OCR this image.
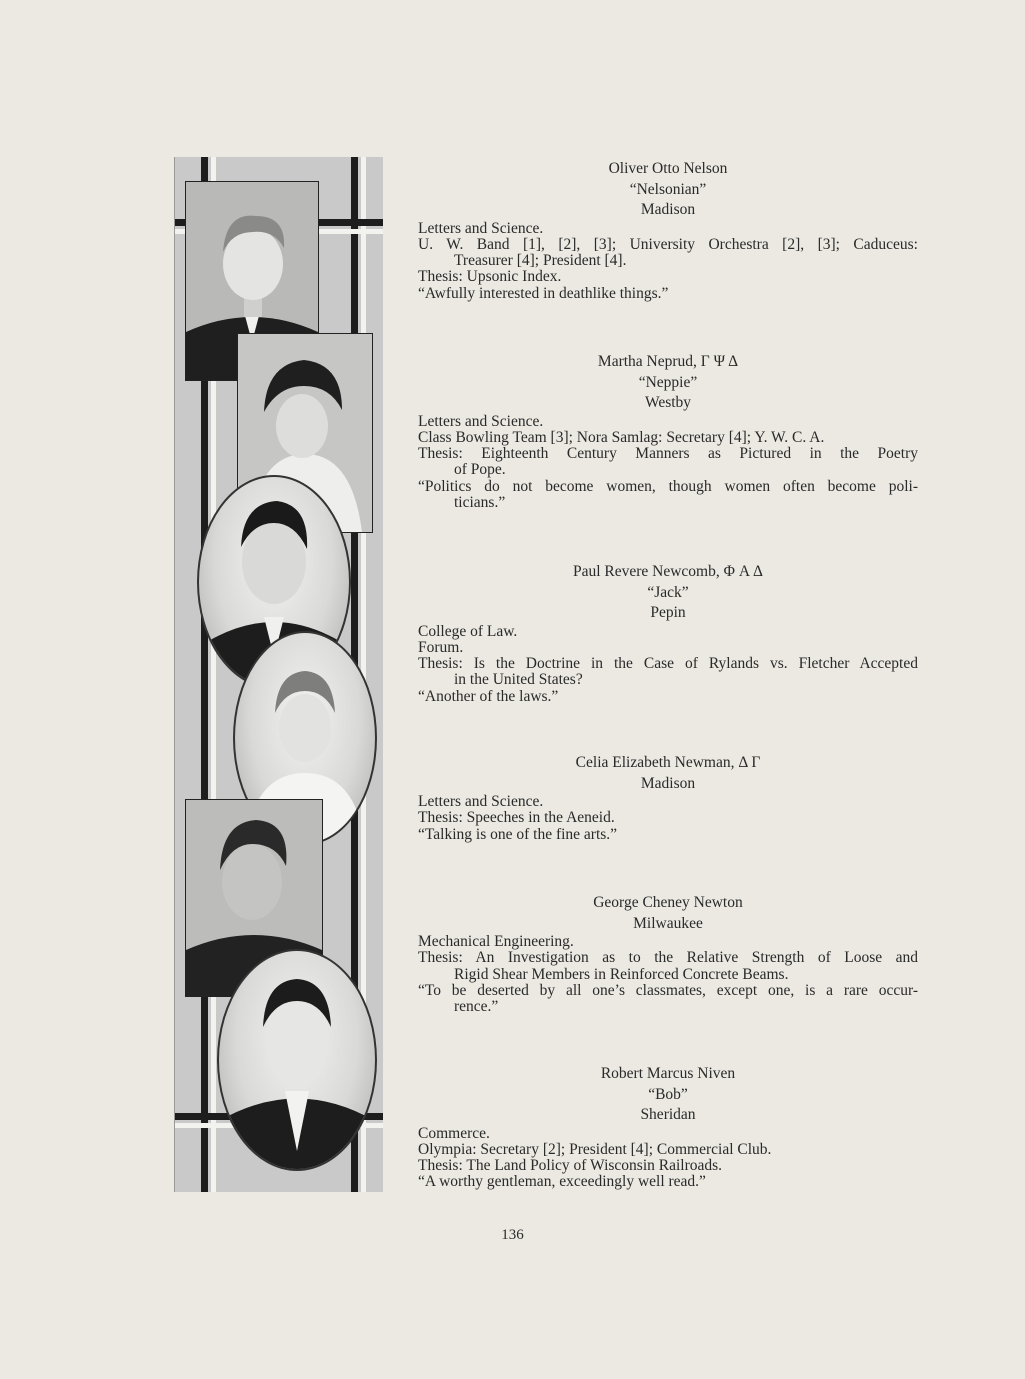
Oliver Otto Nelson
“Nelsonian”
Madison
Letters and Science.
U. W. Band [1], [2], [3]; University Orchestra [2], [3]; Caduceus:
Treasurer [4]; President [4].
Thesis: Upsonic Index.
“Awfully interested in deathlike things.”
Martha Neprud, Γ Ψ Δ
“Neppie”
Westby
Letters and Science.
Class Bowling Team [3]; Nora Samlag: Secretary [4]; Y. W. C. A.
Thesis: Eighteenth Century Manners as Pictured in the Poetry
of Pope.
“Politics do not become women, though women often become poli-
ticians.”
Paul Revere Newcomb, Φ A Δ
“Jack”
Pepin
College of Law.
Forum.
Thesis: Is the Doctrine in the Case of Rylands vs. Fletcher Accepted
in the United States?
“Another of the laws.”
Celia Elizabeth Newman, Δ Γ
Madison
Letters and Science.
Thesis: Speeches in the Aeneid.
“Talking is one of the fine arts.”
George Cheney Newton
Milwaukee
Mechanical Engineering.
Thesis: An Investigation as to the Relative Strength of Loose and
Rigid Shear Members in Reinforced Concrete Beams.
“To be deserted by all one’s classmates, except one, is a rare occur-
rence.”
Robert Marcus Niven
“Bob”
Sheridan
Commerce.
Olympia: Secretary [2]; President [4]; Commercial Club.
Thesis: The Land Policy of Wisconsin Railroads.
“A worthy gentleman, exceedingly well read.”
136
